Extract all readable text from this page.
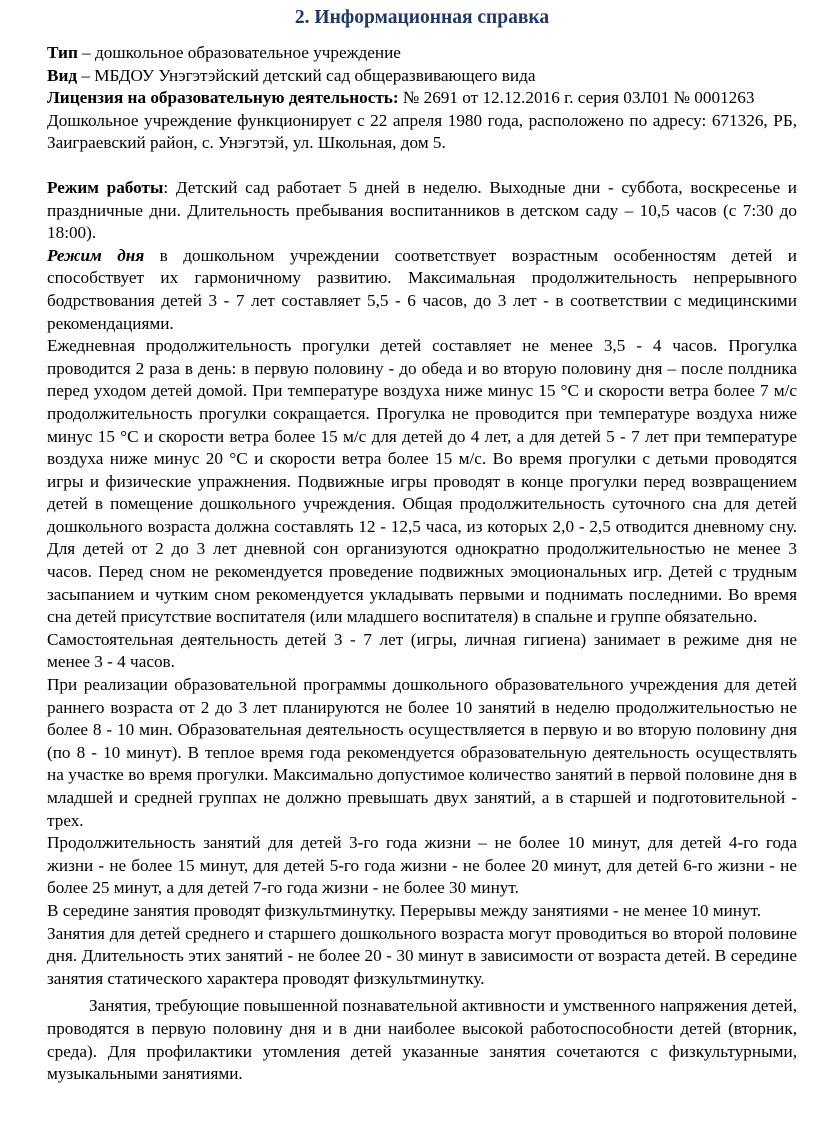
2. Информационная справка

Тип – дошкольное образовательное учреждение

Вид – МБДОУ Унэгэтэйский детский сад общеразвивающего вида

Лицензия на образовательную деятельность: № 2691 от 12.12.2016 г. серия 03Л01 № 0001263

Дошкольное учреждение функционирует с 22 апреля 1980 года, расположено по адресу: 671326, РБ, Заиграевский район, с. Унэгэтэй, ул. Школьная, дом 5.

Режим работы: Детский сад работает 5 дней в неделю. Выходные дни - суббота, воскресенье и праздничные дни. Длительность пребывания воспитанников в детском саду – 10,5 часов (с 7:30 до 18:00).

Режим дня в дошкольном учреждении соответствует возрастным особенностям детей и способствует их гармоничному развитию. Максимальная продолжительность непрерывного бодрствования детей 3 - 7 лет составляет 5,5 - 6 часов, до 3 лет - в соответствии с медицинскими рекомендациями.

Ежедневная продолжительность прогулки детей составляет не менее 3,5 - 4 часов. Прогулка проводится 2 раза в день: в первую половину - до обеда и во вторую половину дня – после полдника перед уходом детей домой. При температуре воздуха ниже минус 15 °С и скорости ветра более 7 м/с продолжительность прогулки сокращается. Прогулка не проводится при температуре воздуха ниже минус 15 °С и скорости ветра более 15 м/с для детей до 4 лет, а для детей 5 - 7 лет при температуре воздуха ниже минус 20 °С и скорости ветра более 15 м/с. Во время прогулки с детьми проводятся игры и физические упражнения. Подвижные игры проводят в конце прогулки перед возвращением детей в помещение дошкольного учреждения. Общая продолжительность суточного сна для детей дошкольного возраста должна составлять 12 - 12,5 часа, из которых 2,0 - 2,5 отводится дневному сну. Для детей от 2 до 3 лет дневной сон организуются однократно продолжительностью не менее 3 часов. Перед сном не рекомендуется проведение подвижных эмоциональных игр. Детей с трудным засыпанием и чутким сном рекомендуется укладывать первыми и поднимать последними. Во время сна детей присутствие воспитателя (или младшего воспитателя) в спальне и группе обязательно.

Самостоятельная деятельность детей 3 - 7 лет (игры, личная гигиена) занимает в режиме дня не менее 3 - 4 часов.

При реализации образовательной программы дошкольного образовательного учреждения для детей раннего возраста от 2 до 3 лет планируются не более 10 занятий в неделю продолжительностью не более 8 - 10 мин. Образовательная деятельность осуществляется в первую и во вторую половину дня (по 8 - 10 минут). В теплое время года рекомендуется образовательную деятельность осуществлять на участке во время прогулки. Максимально допустимое количество занятий в первой половине дня в младшей и средней группах не должно превышать двух занятий, а в старшей и подготовительной - трех.

Продолжительность занятий для детей 3-го года жизни – не более 10 минут, для детей 4-го года жизни - не более 15 минут, для детей 5-го года жизни - не более 20 минут, для детей 6-го жизни - не более 25 минут, а для детей 7-го года жизни - не более 30 минут.

В середине занятия проводят физкультминутку. Перерывы между занятиями - не менее 10 минут.

Занятия для детей среднего и старшего дошкольного возраста могут проводиться во второй половине дня. Длительность этих занятий - не более 20 - 30 минут в зависимости от возраста детей. В середине занятия статического характера проводят физкультминутку.

Занятия, требующие повышенной познавательной активности и умственного напряжения детей, проводятся в первую половину дня и в дни наиболее высокой работоспособности детей (вторник, среда). Для профилактики утомления детей указанные занятия сочетаются с физкультурными, музыкальными занятиями.
